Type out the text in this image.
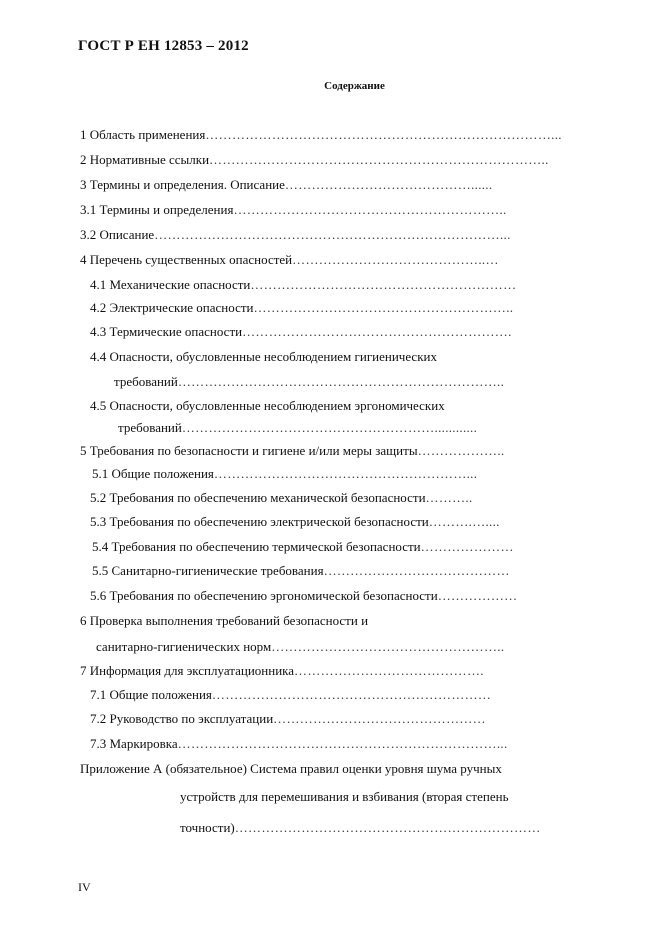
ГОСТ Р ЕН 12853 – 2012
Содержание
1 Область применения……………………………………………………………………...
2 Нормативные ссылки…………………………………………………………………..
3 Термины и определения. Описание……………………………………......
3.1 Термины и определения……………………………………………………..
3.2 Описание……………………………………………………………………...
4 Перечень существенных опасностей……………………………………..…
4.1 Механические опасности……………………………………………………
4.2 Электрические опасности…………………………………………………..
4.3 Термические опасности…………………………………………………….
4.4 Опасности, обусловленные несоблюдением гигиенических
требований………………………………………………………………..
4.5 Опасности, обусловленные несоблюдением эргономических
требований…………………………………………………............
5 Требования по безопасности и гигиене и/или меры защиты………………..
5.1 Общие положения…………………………………………………...
5.2 Требования по обеспечению механической безопасности………..
5.3 Требования по обеспечению электрической безопасности……….…....
5.4 Требования по обеспечению термической безопасности…………………
5.5 Санитарно-гигиенические требования……………………………………
5.6 Требования по обеспечению эргономической безопасности………………
6 Проверка выполнения требований безопасности и
санитарно-гигиенических норм……………………………………………..
7 Информация для эксплуатационника…………………………………….
7.1 Общие положения………………………………………………………
7.2 Руководство по эксплуатации…………………………………………
7.3 Маркировка………………………………………………………………...
Приложение А (обязательное) Система правил оценки уровня шума ручных
устройств для перемешивания и взбивания (вторая степень
точности)……………………………………………………………
IV
